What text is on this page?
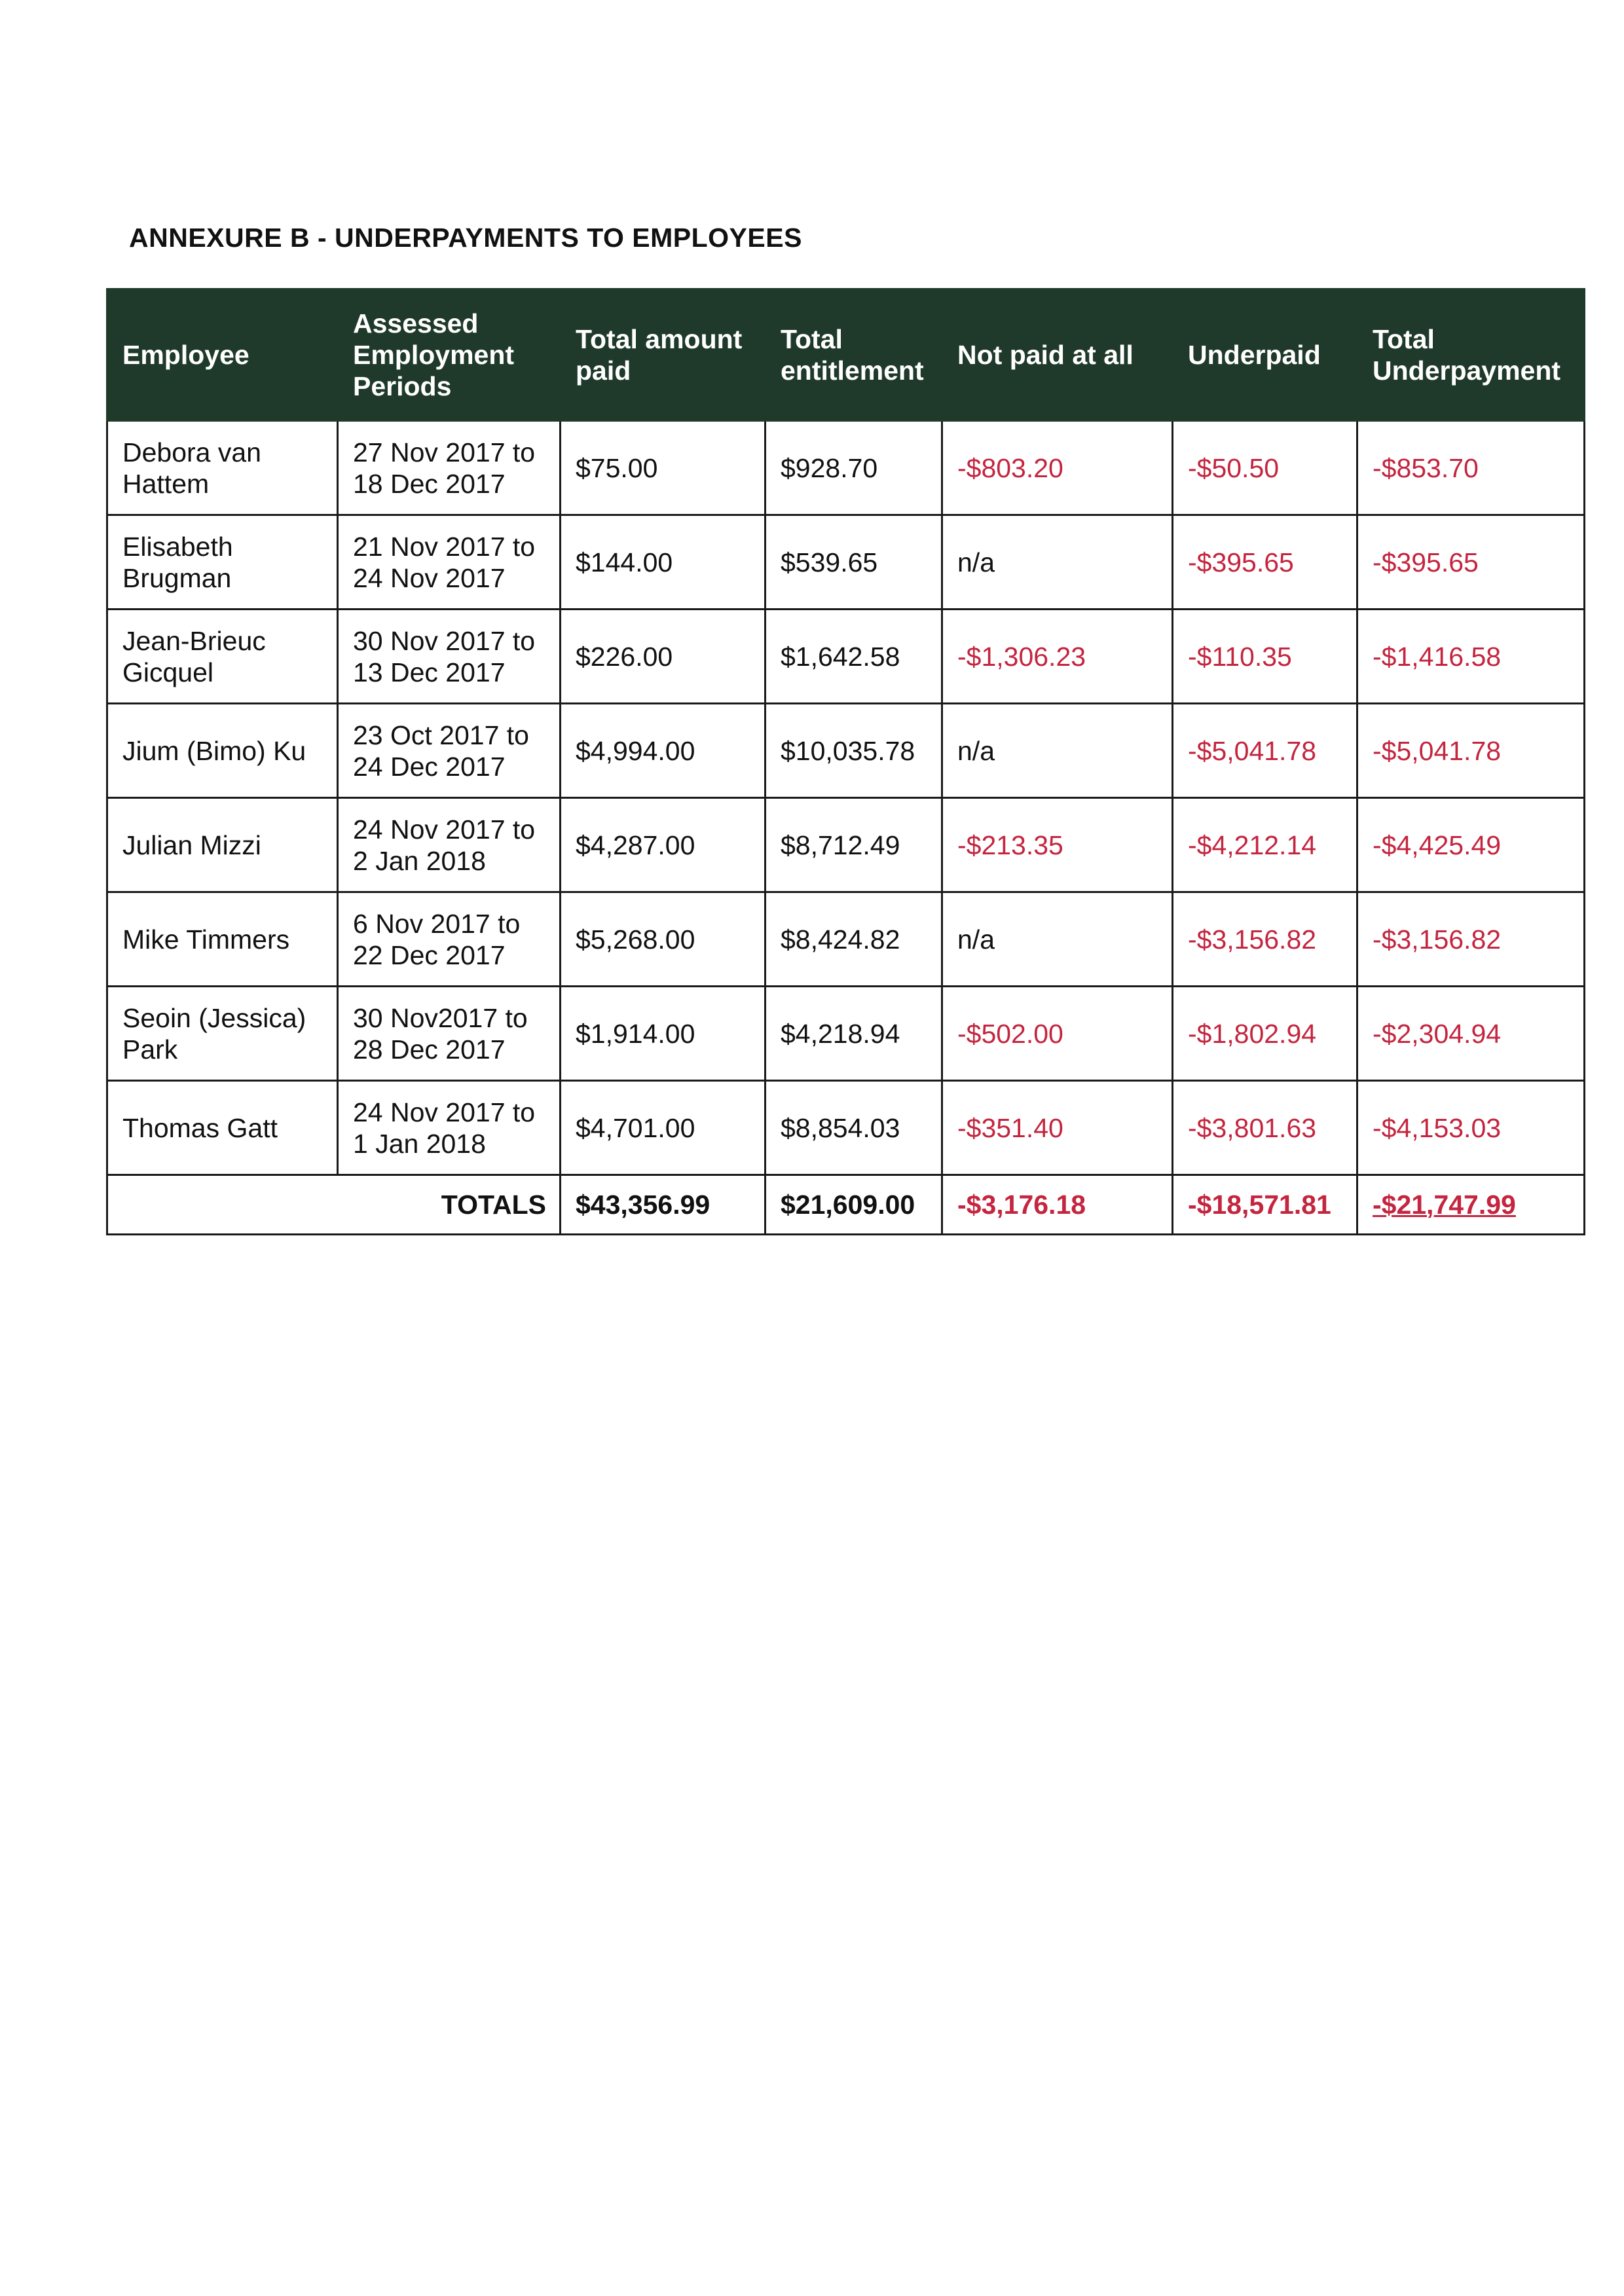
ANNEXURE B - UNDERPAYMENTS TO EMPLOYEES
Employee	Assessed Employment Periods	Total amount paid	Total entitlement	Not paid at all	Underpaid	Total Underpayment
Debora van Hattem	27 Nov 2017 to 18 Dec 2017	$75.00	$928.70	-$803.20	-$50.50	-$853.70
Elisabeth Brugman	21 Nov 2017 to 24 Nov 2017	$144.00	$539.65	n/a	-$395.65	-$395.65
Jean-Brieuc Gicquel	30 Nov 2017 to 13 Dec 2017	$226.00	$1,642.58	-$1,306.23	-$110.35	-$1,416.58
Jium (Bimo) Ku	23 Oct 2017 to 24 Dec 2017	$4,994.00	$10,035.78	n/a	-$5,041.78	-$5,041.78
Julian Mizzi	24 Nov 2017 to 2 Jan 2018	$4,287.00	$8,712.49	-$213.35	-$4,212.14	-$4,425.49
Mike Timmers	6 Nov 2017 to 22 Dec 2017	$5,268.00	$8,424.82	n/a	-$3,156.82	-$3,156.82
Seoin (Jessica) Park	30 Nov2017 to 28 Dec 2017	$1,914.00	$4,218.94	-$502.00	-$1,802.94	-$2,304.94
Thomas Gatt	24 Nov 2017 to 1 Jan 2018	$4,701.00	$8,854.03	-$351.40	-$3,801.63	-$4,153.03
TOTALS		$43,356.99	$21,609.00	-$3,176.18	-$18,571.81	-$21,747.99
